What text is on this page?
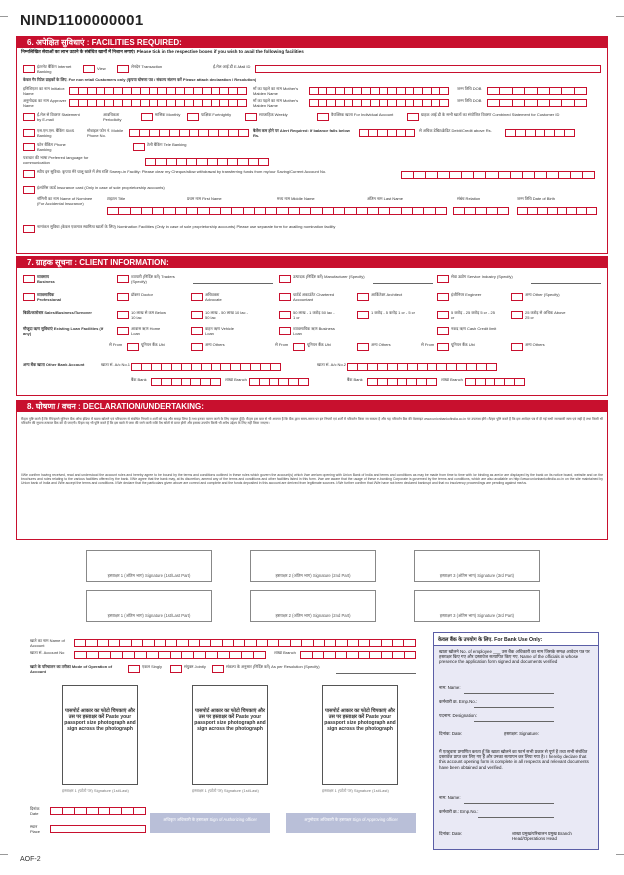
NIND1100000001
6. अपेक्षित सुविधाएं : FACILITIES REQUIRED:
निम्नलिखित सेवाओं का लाभ उठाने के संबंधित खानों में निशान लगाएं। Please tick in the respective boxes if you wish to avail the following facilities
इंटरनेट बैंकिंग Internet Banking	View	लेनदेन Transaction	ई-मेल आई डी E-Mail ID
केवल गैर रिटेल ग्राहकों के लिए. For non retail Customers only (कृपया घोषणा पत्र / संकल्प संलग्न करें Please attach declaration / Resolution)
इनिशिएटर का नाम Initiator: Name
माँ का पहले का नाम Mother's Maiden Name
जन्म तिथि DOB
अनुमोदक का नाम Approver Name
माँ का पहले का नाम Mother's Maiden Name
जन्म तिथि DOB
ई-मेल से विवरण Statement by E-mail
आवधिकता Periodicity
मासिक Monthly	पाक्षिक Fortnightly	साप्ताहिक Weekly	वैयक्तिक खाता For Individual Account	ग्राहक आई डी के सभी खातों का संयोजित विवरण Combined Statement for Customer ID
एस.एम.एस. बैंकिंग SMS Banking
मोबाइल फोन नं. Mobile Phone No.
बैलेंस कम होने पर Alert Required: If balance falls below Rs.
से अधिक डेबिट/क्रेडिट Debit/Credit above Rs.
फोन बैंकिंग Phone Banking
टेली बैंकिंग Tele Banking
पत्राचार की भाषा Preferred language for communication
स्वीप इन सुविधा: कृपया मेरे चालू खाते में शेष राशि Sweep-in Facility: Please clear my Cheque/allow withdrawal by transferring funds from my/our Saving/Current Account No.
इंश्योरेंस कार्ड Insurance card (Only in case of sole proprietorship accounts)
नॉमिनी का नाम Name of Nominee (For Accidental Insurance)
टाइटल Title	प्रथम नाम First Name	मध्य नाम Middle Name	अंतिम नाम Last Name	संबंध Relation	जन्म तिथि Date of Birth
नामांकन सुविधा (केवल एकमात्र स्वामित्व खातों के लिए) Nomination Facilities (Only in case of sole proprietorship accounts) Please use separate form for availing nomination facility
7. ग्राहक सूचना : CLIENT INFORMATION:
व्यवसाय Business
व्यापारी (निर्दिष्ट करें) Traders (Specify)
उत्पादक (निर्दिष्ट करें) Manufacturer (Specify)	सेवा उद्योग Service Industry (Specify)
व्यावसायिक Professional
डॉक्टर Doctor	अधिवक्ता Advocate
चार्टर्ड अकाउंटेंट Chartered Accountant
आर्किटेक्ट Architect	इंजीनियर Engineer	अन्य Other (Specify)
बिक्री/कारोबार Sales/Business/Turnover	10 लाख से कम Below 10 lac
10 लाख - 50 लाख 10 lac - 50 lac
50 लाख - 1 करोड़ 50 lac - 1 cr
1 करोड़ - 5 करोड़ 1 cr - 5 cr	5 करोड़ - 25 करोड़ 5 cr - 25 cr
25 करोड़ से अधिक Above 25 cr
मौजूदा ऋण सुविधाएं Existing Loan Facilities (If any)
आवास ऋण Home Loan
वाहन ऋण Vehicle Loan
व्यावसायिक ऋण Business Loan
नकद ऋण Cash Credit limit
से From	यूनियन बैंक Ubi	अन्य Others	से From	यूनियन बैंक Ubi	अन्य Others	से From	यूनियन बैंक Ubi	अन्य Others
अन्य बैंक खाता Other Bank Account	खाता सं. A/c No.1	खाता सं. A/c No.2
बैंक Bank	शाखा Branch	बैंक Bank	शाखा Branch
8. घोषणा / वचन : DECLARATION/UNDERTAKING:
मैं/हम पुष्टि करते हैं कि मैंने/हमने यूनियन बैंक ऑफ इंडिया में खाता खोलने एवं परिचालन से संबंधित नियमों व शर्तों को पढ़ और समझ लिया है तथा इनका पालन करने के लिए सहमत हूँ/हैं। मैं/हम इस बात से भी अवगत हैं कि बैंक द्वारा समय-समय पर इन नियमों एवं शर्तों में परिवर्तन किया जा सकता है और यह परिवर्तन बैंक की वेबसाइट www.unionbankofindia.co.in पर उपलब्ध होंगे। मैं/हम पुष्टि करते हैं कि इस आवेदन पत्र में दी गई सभी जानकारी सत्य एवं सही है तथा किसी भी परिवर्तन की सूचना तत्काल बैंक को दी जाएगी। मैं/हम यह भी पुष्टि करते हैं कि इस खाते में जमा की जाने वाली राशि वैध स्रोतों से प्राप्त होगी और इसका उपयोग किसी भी अवैध उद्देश्य के लिए नहीं किया जाएगा।
I/We confirm having received, read and understood the account rules and hereby agree to be bound by the terms and conditions outlined in these rules which govern the account(s) which I/we are/am opening with Union Bank of India and terms and conditions as may be made from time to time with /or binding as are/or are displayed by the bank on its notice board, website and on the brochures and rules relating to the various facilities offered by the bank. I/We agree that the bank may, at its discretion, amend any of the terms and conditions and other facilities listed in this form. I/we are aware that the usage of these e-banking Corporate is governed by the terms and conditions, which are also available on http://www.unionbankofindia.co.in on the site maintained by Union bank of India and I/We accept the terms and conditions. I/We declare that the particulars given above are correct and complete and the funds deposited in this account are derived from legitimate sources. I/We further confirm that I/We have not been declared bankrupt and that no insolvency proceedings are pending against me/us.
हस्ताक्षर 1 (अंतिम भाग) Signature (1st/Last Part)	हस्ताक्षर 2 (अंतिम भाग) Signature (2nd Part)	हस्ताक्षर 3 (अंतिम भाग) Signature (3rd Part)
हस्ताक्षर 1 (अंतिम भाग) Signature (1st/Last Part)	हस्ताक्षर 2 (अंतिम भाग) Signature (2nd Part)	हस्ताक्षर 3 (अंतिम भाग) Signature (3rd Part)
खाते का नाम Name of Account
खाता सं. Account No	शाखा Branch
खाते के परिचालन का तरीका Mode of Operation of Account
एकल Singly	संयुक्त Jointly	संकल्प के अनुसार (निर्दिष्ट करें) As per Resolution (Specify)
पासपोर्ट आकार का फोटो चिपकाएं और उस पर हस्ताक्षर करें Paste your passport size photograph and sign across the photograph
पासपोर्ट आकार का फोटो चिपकाएं और उस पर हस्ताक्षर करें Paste your passport size photograph and sign across the photograph
पासपोर्ट आकार का फोटो चिपकाएं और उस पर हस्ताक्षर करें Paste your passport size photograph and sign across the photograph
हस्ताक्षर 1 (फोटो पर) Signature (1st/Last)	हस्ताक्षर 1 (फोटो पर) Signature (1st/Last)	हस्ताक्षर 1 (फोटो पर) Signature (1st/Last)
दिनांक Date
स्थान Place
अधिकृत अधिकारी के हस्ताक्षर Sign of Authorizing officer	अनुमोदक अधिकारी के हस्ताक्षर Sign of Approving officer
केवल बैंक के उपयोग के लिए. For Bank Use Only:
खाता खोलने No. of employee ___ उस बैंक अधिकारी का नाम जिसके समक्ष आवेदन पत्र पर हस्ताक्षर किए गए और दस्तावेज सत्यापित किए गए. Name of the officials in whose presence the application form signed and documents verified
नाम: Name:
कर्मचारी क्र. Emp.No.:
पदनाम: Designation:
दिनांक: Date:	हस्ताक्षर: Signature:
मैं एतद्द्वारा प्रमाणित करता हूँ कि खाता खोलने का फार्म सभी प्रकार से पूर्ण है तथा सभी संबंधित दस्तावेज प्राप्त कर लिए गए हैं और उनका सत्यापन कर लिया गया है। I hereby declare that this account opening form is complete in all respects and relevant documents have been obtained and verified.
नाम: Name:
कर्मचारी क्र.: Emp.No.:
दिनांक: Date:	शाखा प्रमुख/परिचालन प्रमुख Branch Head/Operations Head
AOF-2
